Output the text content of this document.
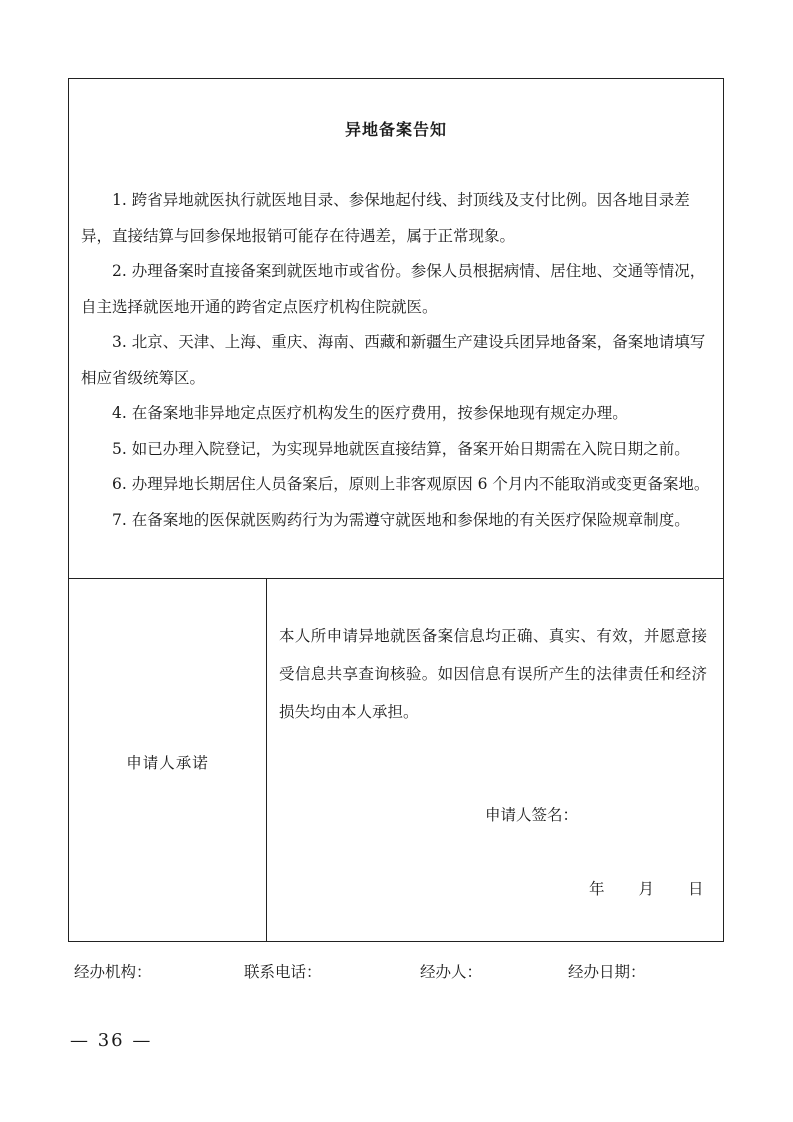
异地备案告知

1. 跨省异地就医执行就医地目录、参保地起付线、封顶线及支付比例。因各地目录差异，直接结算与回参保地报销可能存在待遇差，属于正常现象。

2. 办理备案时直接备案到就医地市或省份。参保人员根据病情、居住地、交通等情况，自主选择就医地开通的跨省定点医疗机构住院就医。

3. 北京、天津、上海、重庆、海南、西藏和新疆生产建设兵团异地备案，备案地请填写相应省级统筹区。

4. 在备案地非异地定点医疗机构发生的医疗费用，按参保地现有规定办理。

5. 如已办理入院登记，为实现异地就医直接结算，备案开始日期需在入院日期之前。

6. 办理异地长期居住人员备案后，原则上非客观原因 6 个月内不能取消或变更备案地。

7. 在备案地的医保就医购药行为为需遵守就医地和参保地的有关医疗保险规章制度。

申请人承诺
本人所申请异地就医备案信息均正确、真实、有效，并愿意接受信息共享查询核验。如因信息有误所产生的法律责任和经济损失均由本人承担。
申请人签名：
年 月 日
经办机构：	联系电话：	经办人：	经办日期：
— 36 —
